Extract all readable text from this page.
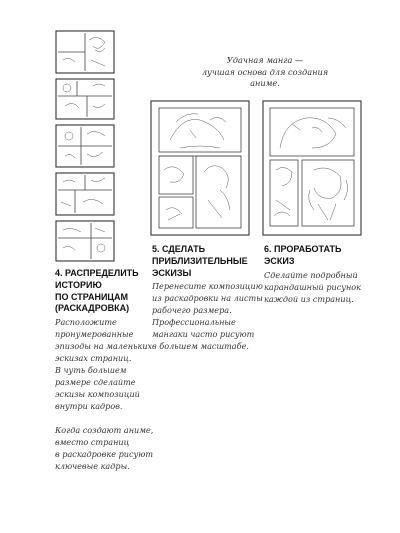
Удачная манга —
лучшая основа для создания аниме.
4. РАСПРЕДЕЛИТЬ
ИСТОРИЮ
ПО СТРАНИЦАМ
(РАСКАДРОВКА)
Расположите
пронумерованные
эпизоды на маленьких
эскизах страниц.
В чуть большем
размере сделайте
эскизы композиций
внутри кадров.
Когда создают аниме,
вместо страниц
в раскадровке рисуют
ключевые кадры.
5. СДЕЛАТЬ
ПРИБЛИЗИТЕЛЬНЫЕ
ЭСКИЗЫ
Перенесите композицию
из раскадровки на листы
рабочего размера.
Профессиональные
мангаки часто рисуют
в большем масштабе.
6. ПРОРАБОТАТЬ ЭСКИЗ
Сделайте подробный
карандашный рисунок
каждой из страниц.
